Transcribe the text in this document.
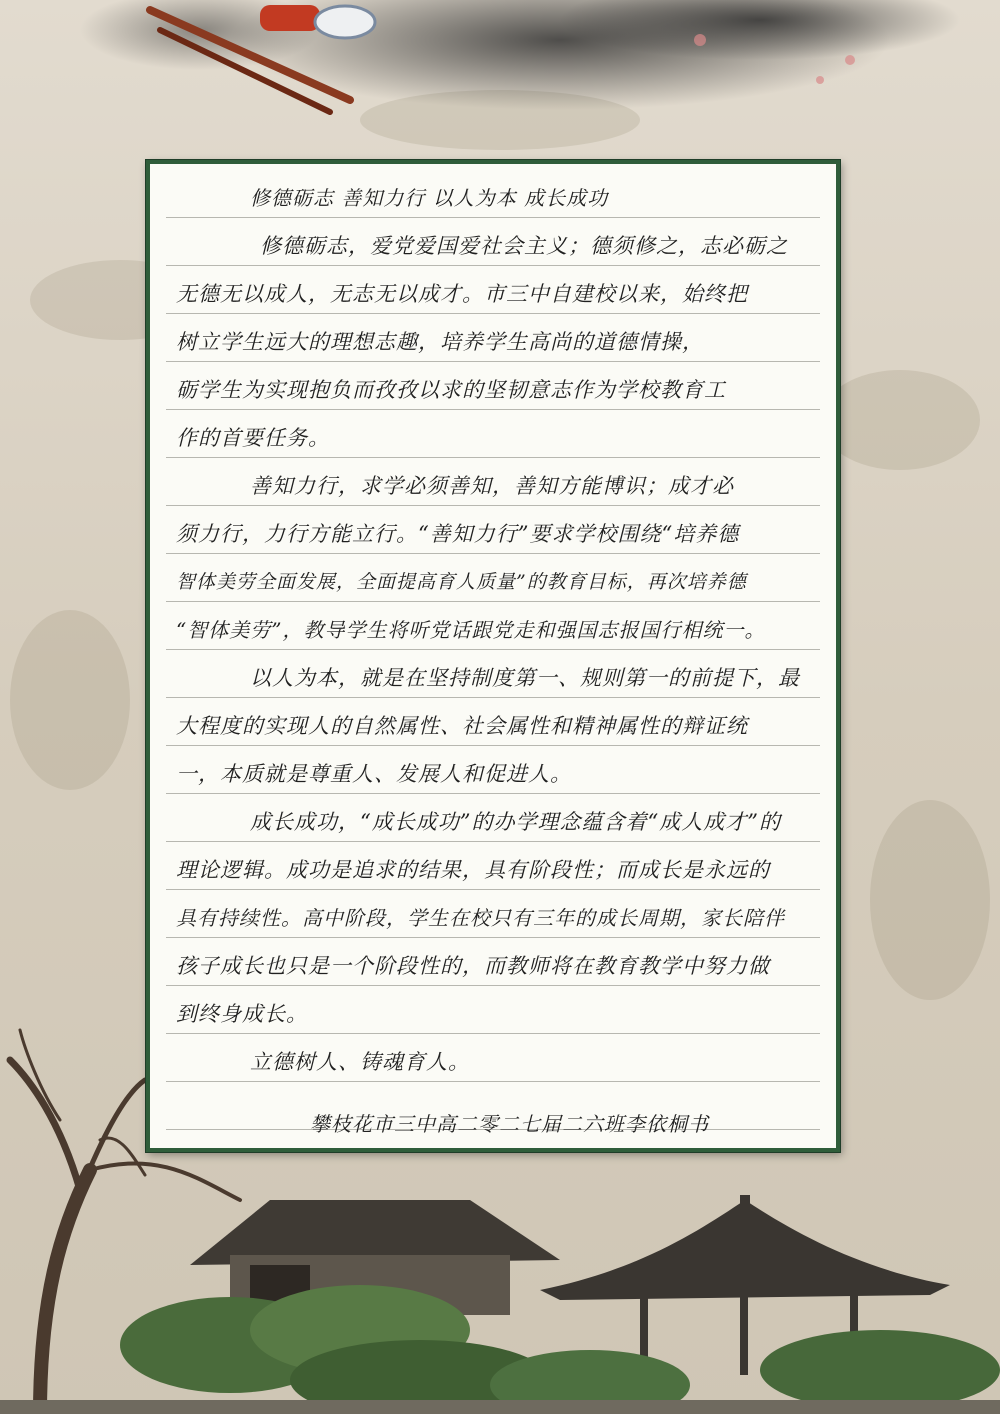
修德砺志 善知力行 以人为本 成长成功
修德砺志，爱党爱国爱社会主义；德须修之，志必砺之
无德无以成人，无志无以成才。市三中自建校以来，始终把
树立学生远大的理想志趣，培养学生高尚的道德情操，
砺学生为实现抱负而孜孜以求的坚韧意志作为学校教育工
作的首要任务。
善知力行，求学必须善知，善知方能博识；成才必
须力行，力行方能立行。“善知力行”要求学校围绕“培养德
智体美劳全面发展，全面提高育人质量”的教育目标，再次培养德
“智体美劳”，教导学生将听党话跟党走和强国志报国行相统一。
以人为本，就是在坚持制度第一、规则第一的前提下，最
大程度的实现人的自然属性、社会属性和精神属性的辩证统
一，本质就是尊重人、发展人和促进人。
成长成功，“成长成功”的办学理念蕴含着“成人成才”的
理论逻辑。成功是追求的结果，具有阶段性；而成长是永远的
具有持续性。高中阶段，学生在校只有三年的成长周期，家长陪伴
孩子成长也只是一个阶段性的，而教师将在教育教学中努力做
到终身成长。
立德树人、铸魂育人。
攀枝花市三中高二零二七届二六班李依桐书
